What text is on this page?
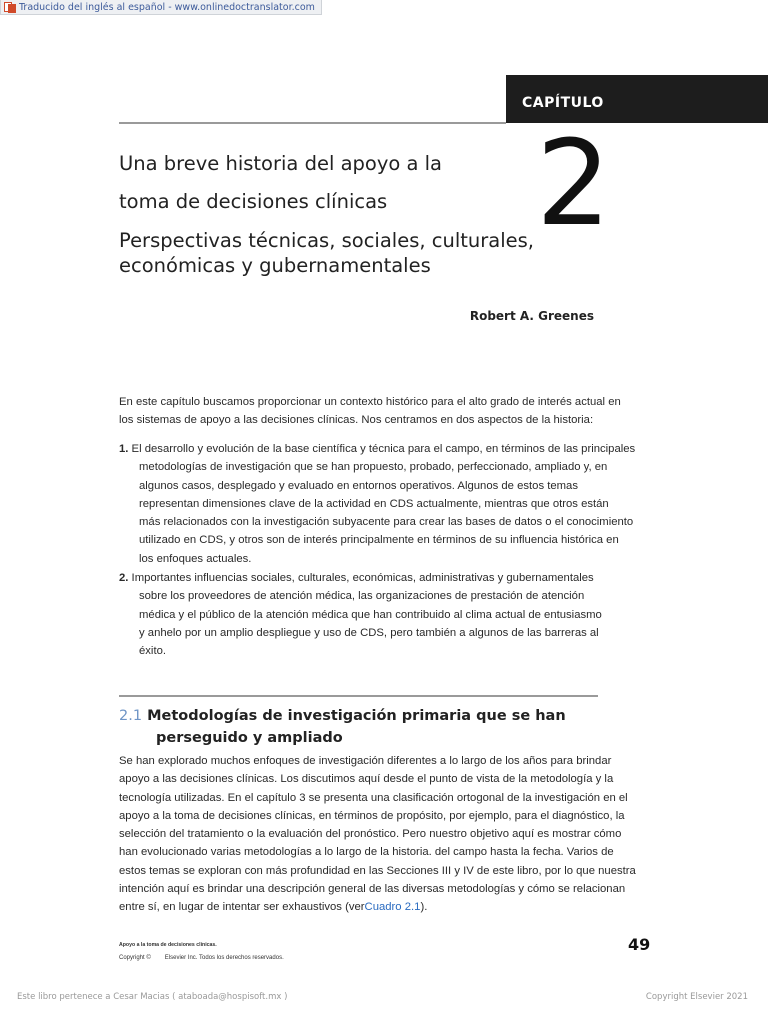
Traducido del inglés al español - www.onlinedoctranslator.com
CAPÍTULO
2
Una breve historia del apoyo a la
toma de decisiones clínicas
Perspectivas técnicas, sociales, culturales,
económicas y gubernamentales
Robert A. Greenes
En este capítulo buscamos proporcionar un contexto histórico para el alto grado de interés actual en
los sistemas de apoyo a las decisiones clínicas. Nos centramos en dos aspectos de la historia:
1. El desarrollo y evolución de la base científica y técnica para el campo, en términos de las principales
metodologías de investigación que se han propuesto, probado, perfeccionado, ampliado y, en
algunos casos, desplegado y evaluado en entornos operativos. Algunos de estos temas
representan dimensiones clave de la actividad en CDS actualmente, mientras que otros están
más relacionados con la investigación subyacente para crear las bases de datos o el conocimiento
utilizado en CDS, y otros son de interés principalmente en términos de su influencia histórica en
los enfoques actuales.
2. Importantes influencias sociales, culturales, económicas, administrativas y gubernamentales
sobre los proveedores de atención médica, las organizaciones de prestación de atención
médica y el público de la atención médica que han contribuido al clima actual de entusiasmo
y anhelo por un amplio despliegue y uso de CDS, pero también a algunos de las barreras al
éxito.
2.1 Metodologías de investigación primaria que se han
perseguido y ampliado
Se han explorado muchos enfoques de investigación diferentes a lo largo de los años para brindar
apoyo a las decisiones clínicas. Los discutimos aquí desde el punto de vista de la metodología y la
tecnología utilizadas. En el capítulo 3 se presenta una clasificación ortogonal de la investigación en el
apoyo a la toma de decisiones clínicas, en términos de propósito, por ejemplo, para el diagnóstico, la
selección del tratamiento o la evaluación del pronóstico. Pero nuestro objetivo aquí es mostrar cómo
han evolucionado varias metodologías a lo largo de la historia. del campo hasta la fecha. Varios de
estos temas se exploran con más profundidad en las Secciones III y IV de este libro, por lo que nuestra
intención aquí es brindar una descripción general de las diversas metodologías y cómo se relacionan
entre sí, en lugar de intentar ser exhaustivos (verCuadro 2.1).
49
Apoyo a la toma de decisiones clínicas.
Copyright © Elsevier Inc. Todos los derechos reservados.
Este libro pertenece a Cesar Macias ( ataboada@hospisoft.mx )	Copyright Elsevier 2021
